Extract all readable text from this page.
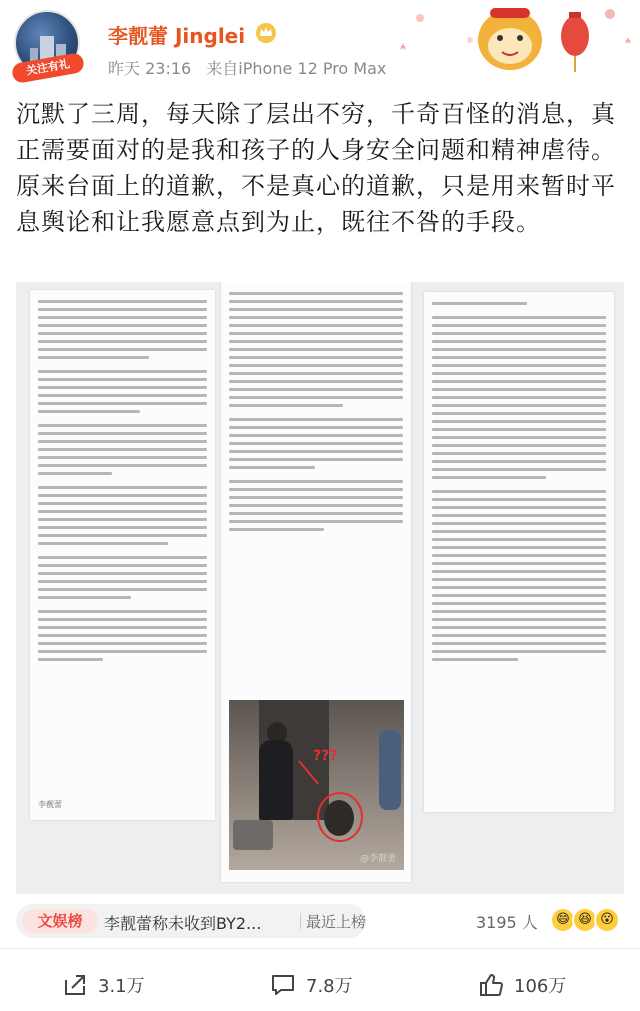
关注有礼
李靓蕾 Jinglei
昨天 23:16 来自iPhone 12 Pro Max
沉默了三周，每天除了层出不穷，千奇百怪的消息，真正需要面对的是我和孩子的人身安全问题和精神虐待。原来台面上的道歉，不是真心的道歉，只是用来暂时平息舆论和让我愿意点到为止，既往不咎的手段。
李靓蕾
???
@李靓蕾
文娱榜	李靓蕾称未收到BY2...	最近上榜	3195 人	😄 😆 😮
3.1万	7.8万	106万
